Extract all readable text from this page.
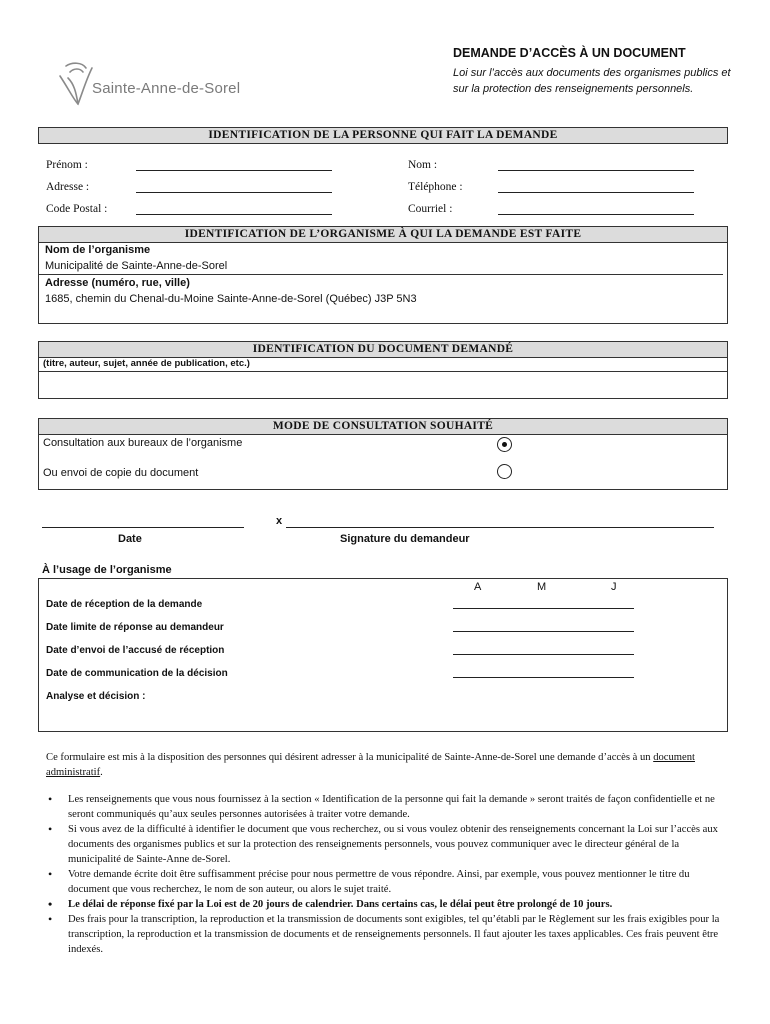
Sainte-Anne-de-Sorel
DEMANDE D’ACCÈS À UN DOCUMENT
Loi sur l’accès aux documents des organismes publics et sur la protection des renseignements personnels.
IDENTIFICATION DE LA PERSONNE QUI FAIT LA DEMANDE
Prénom :	Nom :
Adresse :	Téléphone :
Code Postal :	Courriel :
IDENTIFICATION DE L’ORGANISME À QUI LA DEMANDE EST FAITE
Nom de l’organisme
Municipalité de Sainte-Anne-de-Sorel
Adresse (numéro, rue, ville)
1685, chemin du Chenal-du-Moine Sainte-Anne-de-Sorel (Québec) J3P 5N3
IDENTIFICATION DU DOCUMENT DEMANDÉ
(titre, auteur, sujet, année de publication, etc.)
MODE DE CONSULTATION SOUHAITÉ
Consultation aux bureaux de l’organisme
Ou envoi de copie du document
Date
x
Signature du demandeur
À l’usage de l’organisme
A	M	J
Date de réception de la demande
Date limite de réponse au demandeur
Date d’envoi de l’accusé de réception
Date de communication de la décision
Analyse et décision :

Ce formulaire est mis à la disposition des personnes qui désirent adresser à la municipalité de Sainte-Anne-de-Sorel une demande d’accès à un document administratif.

• Les renseignements que vous nous fournissez à la section « Identification de la personne qui fait la demande » seront traités de façon confidentielle et ne seront communiqués qu’aux seules personnes autorisées à traiter votre demande.
• Si vous avez de la difficulté à identifier le document que vous recherchez, ou si vous voulez obtenir des renseignements concernant la Loi sur l’accès aux documents des organismes publics et sur la protection des renseignements personnels, vous pouvez communiquer avec le directeur général de la municipalité de Sainte-Anne de-Sorel.
• Votre demande écrite doit être suffisamment précise pour nous permettre de vous répondre. Ainsi, par exemple, vous pouvez mentionner le titre du document que vous recherchez, le nom de son auteur, ou alors le sujet traité.
• Le délai de réponse fixé par la Loi est de 20 jours de calendrier. Dans certains cas, le délai peut être prolongé de 10 jours.
• Des frais pour la transcription, la reproduction et la transmission de documents sont exigibles, tel qu’établi par le Règlement sur les frais exigibles pour la transcription, la reproduction et la transmission de documents et de renseignements personnels. Il faut ajouter les taxes applicables. Ces frais peuvent être indexés.
